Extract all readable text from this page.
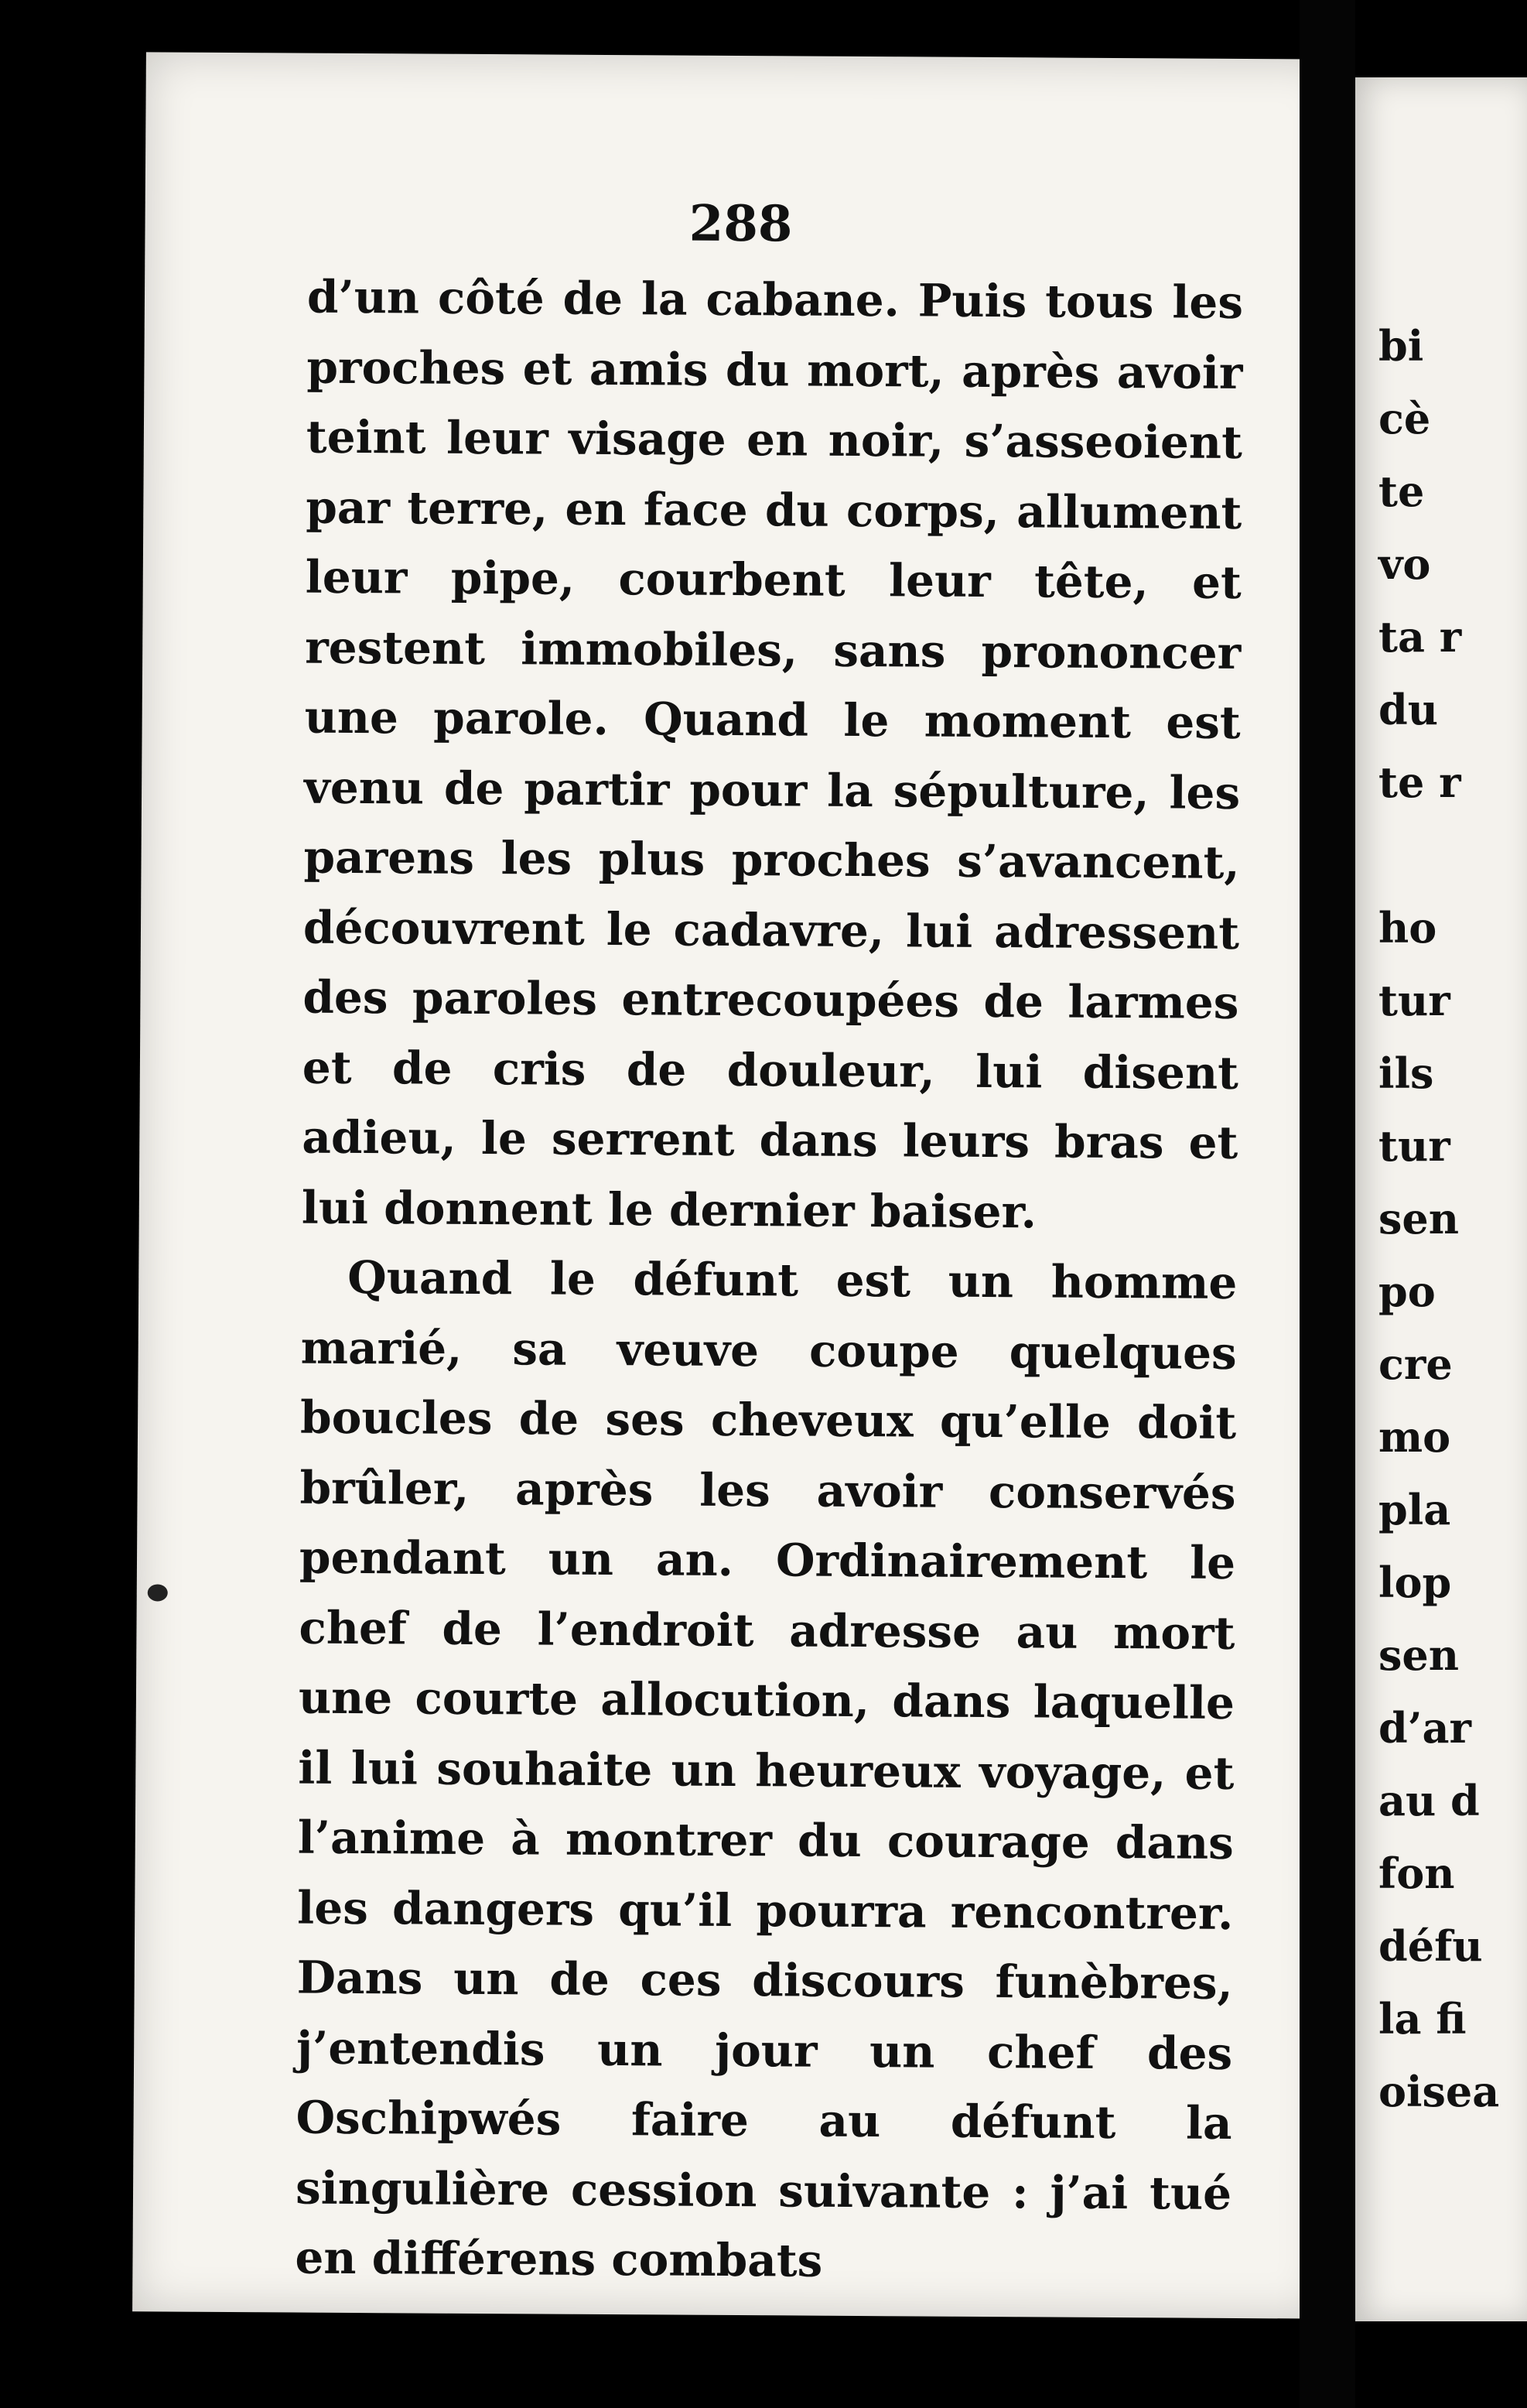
288

d’un côté de la cabane. Puis tous les proches et amis du mort, après avoir teint leur visage en noir, s’asseoient par terre, en face du corps, allument leur pipe, courbent leur tête, et restent immobiles, sans prononcer une parole. Quand le moment est venu de partir pour la sépulture, les parens les plus proches s’avancent, découvrent le cadavre, lui adressent des paroles entrecoupées de larmes et de cris de douleur, lui disent adieu, le serrent dans leurs bras et lui donnent le dernier baiser.

Quand le défunt est un homme marié, sa veuve coupe quelques boucles de ses cheveux qu’elle doit brûler, après les avoir conservés pendant un an. Ordinairement le chef de l’endroit adresse au mort une courte allocution, dans laquelle il lui souhaite un heureux voyage, et l’anime à montrer du courage dans les dangers qu’il pourra rencontrer. Dans un de ces discours funèbres, j’entendis un jour un chef des Oschipwés faire au défunt la singulière cession suivante : j’ai tué en différens combats

bi
cè
te
vo
ta r
du
te r
ho
tur
ils
tur
sen
po
cre
mo
pla
lop
sen
d’ar
au d
fon
défu
la fi
oisea
